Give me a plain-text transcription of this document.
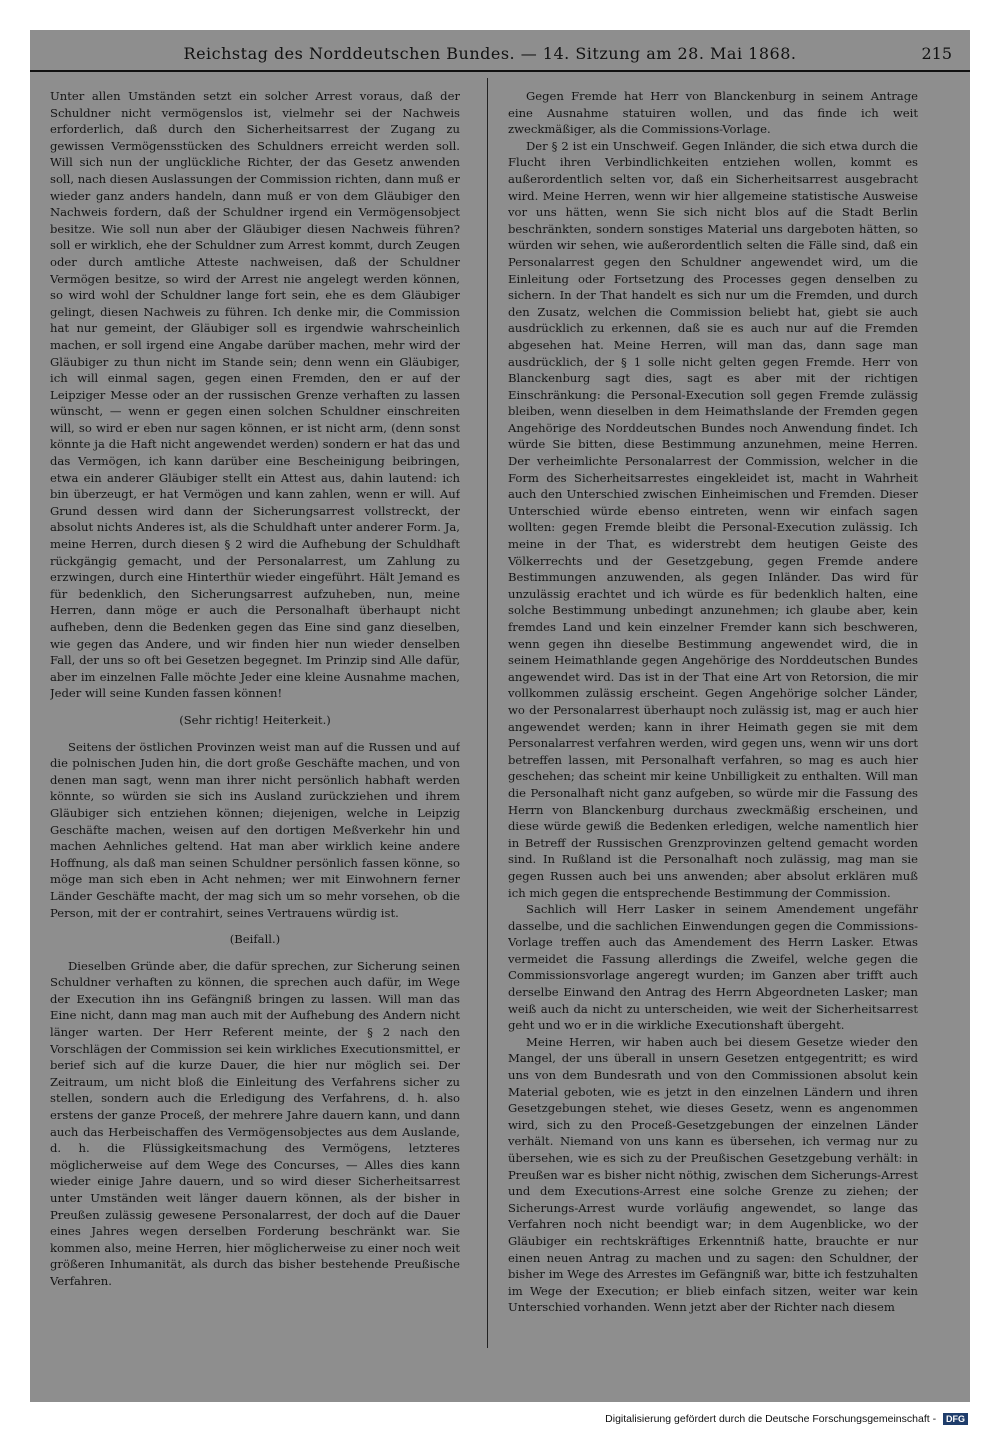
Reichstag des Norddeutschen Bundes. — 14. Sitzung am 28. Mai 1868.	215

Unter allen Umständen setzt ein solcher Arrest voraus, daß der Schuldner nicht vermögenslos ist, vielmehr sei der Nachweis erforderlich, daß durch den Sicherheitsarrest der Zugang zu gewissen Vermögensstücken des Schuldners erreicht werden soll. Will sich nun der unglückliche Richter, der das Gesetz anwenden soll, nach diesen Auslassungen der Commission richten, dann muß er wieder ganz anders handeln, dann muß er von dem Gläubiger den Nachweis fordern, daß der Schuldner irgend ein Vermögensobject besitze. Wie soll nun aber der Gläubiger diesen Nachweis führen? soll er wirklich, ehe der Schuldner zum Arrest kommt, durch Zeugen oder durch amtliche Atteste nachweisen, daß der Schuldner Vermögen besitze, so wird der Arrest nie angelegt werden können, so wird wohl der Schuldner lange fort sein, ehe es dem Gläubiger gelingt, diesen Nachweis zu führen. Ich denke mir, die Commission hat nur gemeint, der Gläubiger soll es irgendwie wahrscheinlich machen, er soll irgend eine Angabe darüber machen, mehr wird der Gläubiger zu thun nicht im Stande sein; denn wenn ein Gläubiger, ich will einmal sagen, gegen einen Fremden, den er auf der Leipziger Messe oder an der russischen Grenze verhaften zu lassen wünscht, — wenn er gegen einen solchen Schuldner einschreiten will, so wird er eben nur sagen können, er ist nicht arm, (denn sonst könnte ja die Haft nicht angewendet werden) sondern er hat das und das Vermögen, ich kann darüber eine Bescheinigung beibringen, etwa ein anderer Gläubiger stellt ein Attest aus, dahin lautend: ich bin überzeugt, er hat Vermögen und kann zahlen, wenn er will. Auf Grund dessen wird dann der Sicherungsarrest vollstreckt, der absolut nichts Anderes ist, als die Schuldhaft unter anderer Form. Ja, meine Herren, durch diesen § 2 wird die Aufhebung der Schuldhaft rückgängig gemacht, und der Personalarrest, um Zahlung zu erzwingen, durch eine Hinterthür wieder eingeführt. Hält Jemand es für bedenklich, den Sicherungsarrest aufzuheben, nun, meine Herren, dann möge er auch die Personalhaft überhaupt nicht aufheben, denn die Bedenken gegen das Eine sind ganz dieselben, wie gegen das Andere, und wir finden hier nun wieder denselben Fall, der uns so oft bei Gesetzen begegnet. Im Prinzip sind Alle dafür, aber im einzelnen Falle möchte Jeder eine kleine Ausnahme machen, Jeder will seine Kunden fassen können!

(Sehr richtig! Heiterkeit.)

Seitens der östlichen Provinzen weist man auf die Russen und auf die polnischen Juden hin, die dort große Geschäfte machen, und von denen man sagt, wenn man ihrer nicht persönlich habhaft werden könnte, so würden sie sich ins Ausland zurückziehen und ihrem Gläubiger sich entziehen können; diejenigen, welche in Leipzig Geschäfte machen, weisen auf den dortigen Meßverkehr hin und machen Aehnliches geltend. Hat man aber wirklich keine andere Hoffnung, als daß man seinen Schuldner persönlich fassen könne, so möge man sich eben in Acht nehmen; wer mit Einwohnern ferner Länder Geschäfte macht, der mag sich um so mehr vorsehen, ob die Person, mit der er contrahirt, seines Vertrauens würdig ist.

(Beifall.)

Dieselben Gründe aber, die dafür sprechen, zur Sicherung seinen Schuldner verhaften zu können, die sprechen auch dafür, im Wege der Execution ihn ins Gefängniß bringen zu lassen. Will man das Eine nicht, dann mag man auch mit der Aufhebung des Andern nicht länger warten. Der Herr Referent meinte, der § 2 nach den Vorschlägen der Commission sei kein wirkliches Executionsmittel, er berief sich auf die kurze Dauer, die hier nur möglich sei. Der Zeitraum, um nicht bloß die Einleitung des Verfahrens sicher zu stellen, sondern auch die Erledigung des Verfahrens, d. h. also erstens der ganze Proceß, der mehrere Jahre dauern kann, und dann auch das Herbeischaffen des Vermögensobjectes aus dem Auslande, d. h. die Flüssigkeitsmachung des Vermögens, letzteres möglicherweise auf dem Wege des Concurses, — Alles dies kann wieder einige Jahre dauern, und so wird dieser Sicherheitsarrest unter Umständen weit länger dauern können, als der bisher in Preußen zulässig gewesene Personalarrest, der doch auf die Dauer eines Jahres wegen derselben Forderung beschränkt war. Sie kommen also, meine Herren, hier möglicherweise zu einer noch weit größeren Inhumanität, als durch das bisher bestehende Preußische Verfahren.

Gegen Fremde hat Herr von Blanckenburg in seinem Antrage eine Ausnahme statuiren wollen, und das finde ich weit zweckmäßiger, als die Commissions-Vorlage.

Der § 2 ist ein Unschweif. Gegen Inländer, die sich etwa durch die Flucht ihren Verbindlichkeiten entziehen wollen, kommt es außerordentlich selten vor, daß ein Sicherheitsarrest ausgebracht wird. Meine Herren, wenn wir hier allgemeine statistische Ausweise vor uns hätten, wenn Sie sich nicht blos auf die Stadt Berlin beschränkten, sondern sonstiges Material uns dargeboten hätten, so würden wir sehen, wie außerordentlich selten die Fälle sind, daß ein Personalarrest gegen den Schuldner angewendet wird, um die Einleitung oder Fortsetzung des Processes gegen denselben zu sichern. In der That handelt es sich nur um die Fremden, und durch den Zusatz, welchen die Commission beliebt hat, giebt sie auch ausdrücklich zu erkennen, daß sie es auch nur auf die Fremden abgesehen hat. Meine Herren, will man das, dann sage man ausdrücklich, der § 1 solle nicht gelten gegen Fremde. Herr von Blanckenburg sagt dies, sagt es aber mit der richtigen Einschränkung: die Personal-Execution soll gegen Fremde zulässig bleiben, wenn dieselben in dem Heimathslande der Fremden gegen Angehörige des Norddeutschen Bundes noch Anwendung findet. Ich würde Sie bitten, diese Bestimmung anzunehmen, meine Herren. Der verheimlichte Personalarrest der Commission, welcher in die Form des Sicherheitsarrestes eingekleidet ist, macht in Wahrheit auch den Unterschied zwischen Einheimischen und Fremden. Dieser Unterschied würde ebenso eintreten, wenn wir einfach sagen wollten: gegen Fremde bleibt die Personal-Execution zulässig. Ich meine in der That, es widerstrebt dem heutigen Geiste des Völkerrechts und der Gesetzgebung, gegen Fremde andere Bestimmungen anzuwenden, als gegen Inländer. Das wird für unzulässig erachtet und ich würde es für bedenklich halten, eine solche Bestimmung unbedingt anzunehmen; ich glaube aber, kein fremdes Land und kein einzelner Fremder kann sich beschweren, wenn gegen ihn dieselbe Bestimmung angewendet wird, die in seinem Heimathlande gegen Angehörige des Norddeutschen Bundes angewendet wird. Das ist in der That eine Art von Retorsion, die mir vollkommen zulässig erscheint. Gegen Angehörige solcher Länder, wo der Personalarrest überhaupt noch zulässig ist, mag er auch hier angewendet werden; kann in ihrer Heimath gegen sie mit dem Personalarrest verfahren werden, wird gegen uns, wenn wir uns dort betreffen lassen, mit Personalhaft verfahren, so mag es auch hier geschehen; das scheint mir keine Unbilligkeit zu enthalten. Will man die Personalhaft nicht ganz aufgeben, so würde mir die Fassung des Herrn von Blanckenburg durchaus zweckmäßig erscheinen, und diese würde gewiß die Bedenken erledigen, welche namentlich hier in Betreff der Russischen Grenzprovinzen geltend gemacht worden sind. In Rußland ist die Personalhaft noch zulässig, mag man sie gegen Russen auch bei uns anwenden; aber absolut erklären muß ich mich gegen die entsprechende Bestimmung der Commission.

Sachlich will Herr Lasker in seinem Amendement ungefähr dasselbe, und die sachlichen Einwendungen gegen die Commissions-Vorlage treffen auch das Amendement des Herrn Lasker. Etwas vermeidet die Fassung allerdings die Zweifel, welche gegen die Commissionsvorlage angeregt wurden; im Ganzen aber trifft auch derselbe Einwand den Antrag des Herrn Abgeordneten Lasker; man weiß auch da nicht zu unterscheiden, wie weit der Sicherheitsarrest geht und wo er in die wirkliche Executionshaft übergeht.

Meine Herren, wir haben auch bei diesem Gesetze wieder den Mangel, der uns überall in unsern Gesetzen entgegentritt; es wird uns von dem Bundesrath und von den Commissionen absolut kein Material geboten, wie es jetzt in den einzelnen Ländern und ihren Gesetzgebungen stehet, wie dieses Gesetz, wenn es angenommen wird, sich zu den Proceß-Gesetzgebungen der einzelnen Länder verhält. Niemand von uns kann es übersehen, ich vermag nur zu übersehen, wie es sich zu der Preußischen Gesetzgebung verhält: in Preußen war es bisher nicht nöthig, zwischen dem Sicherungs-Arrest und dem Executions-Arrest eine solche Grenze zu ziehen; der Sicherungs-Arrest wurde vorläufig angewendet, so lange das Verfahren noch nicht beendigt war; in dem Augenblicke, wo der Gläubiger ein rechtskräftiges Erkenntniß hatte, brauchte er nur einen neuen Antrag zu machen und zu sagen: den Schuldner, der bisher im Wege des Arrestes im Gefängniß war, bitte ich festzuhalten im Wege der Execution; er blieb einfach sitzen, weiter war kein Unterschied vorhanden. Wenn jetzt aber der Richter nach diesem

Digitalisierung gefördert durch die Deutsche Forschungsgemeinschaft - DFG
